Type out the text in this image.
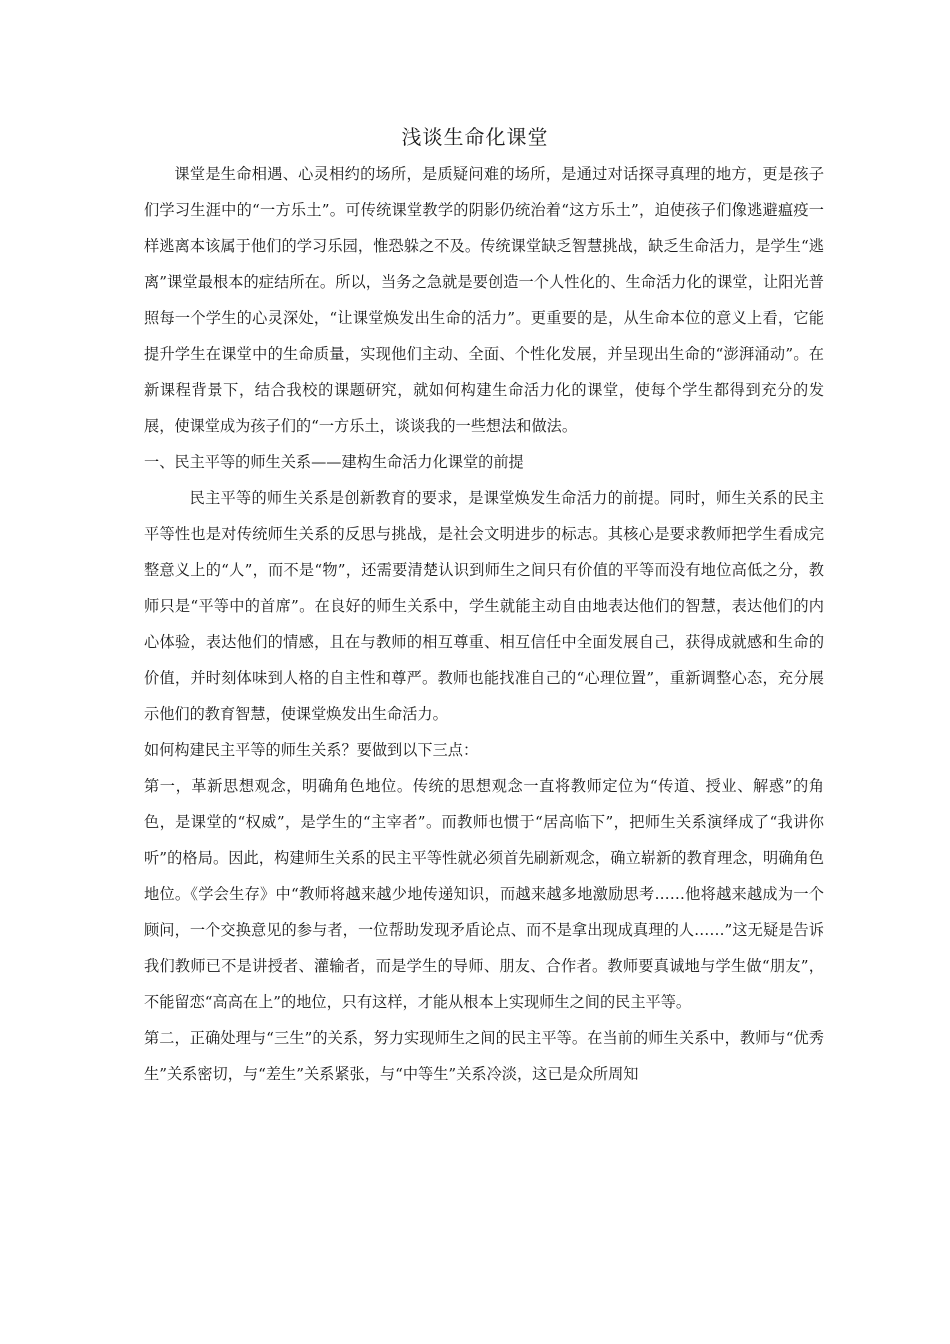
浅谈生命化课堂

课堂是生命相遇、心灵相约的场所，是质疑问难的场所，是通过对话探寻真理的地方，更是孩子们学习生涯中的“一方乐土”。可传统课堂教学的阴影仍统治着“这方乐土”，迫使孩子们像逃避瘟疫一样逃离本该属于他们的学习乐园，惟恐躲之不及。传统课堂缺乏智慧挑战，缺乏生命活力，是学生“逃离”课堂最根本的症结所在。所以，当务之急就是要创造一个人性化的、生命活力化的课堂，让阳光普照每一个学生的心灵深处，“让课堂焕发出生命的活力”。更重要的是，从生命本位的意义上看，它能提升学生在课堂中的生命质量，实现他们主动、全面、个性化发展，并呈现出生命的“澎湃涌动”。在新课程背景下，结合我校的课题研究，就如何构建生命活力化的课堂，使每个学生都得到充分的发展，使课堂成为孩子们的“一方乐土，谈谈我的一些想法和做法。

一、民主平等的师生关系——建构生命活力化课堂的前提

民主平等的师生关系是创新教育的要求，是课堂焕发生命活力的前提。同时，师生关系的民主平等性也是对传统师生关系的反思与挑战，是社会文明进步的标志。其核心是要求教师把学生看成完整意义上的“人”，而不是“物”，还需要清楚认识到师生之间只有价值的平等而没有地位高低之分，教师只是“平等中的首席”。在良好的师生关系中，学生就能主动自由地表达他们的智慧，表达他们的内心体验，表达他们的情感，且在与教师的相互尊重、相互信任中全面发展自己，获得成就感和生命的价值，并时刻体味到人格的自主性和尊严。教师也能找准自己的“心理位置”，重新调整心态，充分展示他们的教育智慧，使课堂焕发出生命活力。

如何构建民主平等的师生关系？要做到以下三点：

第一，革新思想观念，明确角色地位。传统的思想观念一直将教师定位为“传道、授业、解惑”的角色，是课堂的“权威”，是学生的“主宰者”。而教师也惯于“居高临下”，把师生关系演绎成了“我讲你听”的格局。因此，构建师生关系的民主平等性就必须首先刷新观念，确立崭新的教育理念，明确角色地位。《学会生存》中“教师将越来越少地传递知识，而越来越多地激励思考……他将越来越成为一个顾问，一个交换意见的参与者，一位帮助发现矛盾论点、而不是拿出现成真理的人……”这无疑是告诉我们教师已不是讲授者、灌输者，而是学生的导师、朋友、合作者。教师要真诚地与学生做“朋友”，不能留恋“高高在上”的地位，只有这样，才能从根本上实现师生之间的民主平等。

第二，正确处理与“三生”的关系，努力实现师生之间的民主平等。在当前的师生关系中，教师与“优秀生”关系密切，与“差生”关系紧张，与“中等生”关系冷淡，这已是众所周知
